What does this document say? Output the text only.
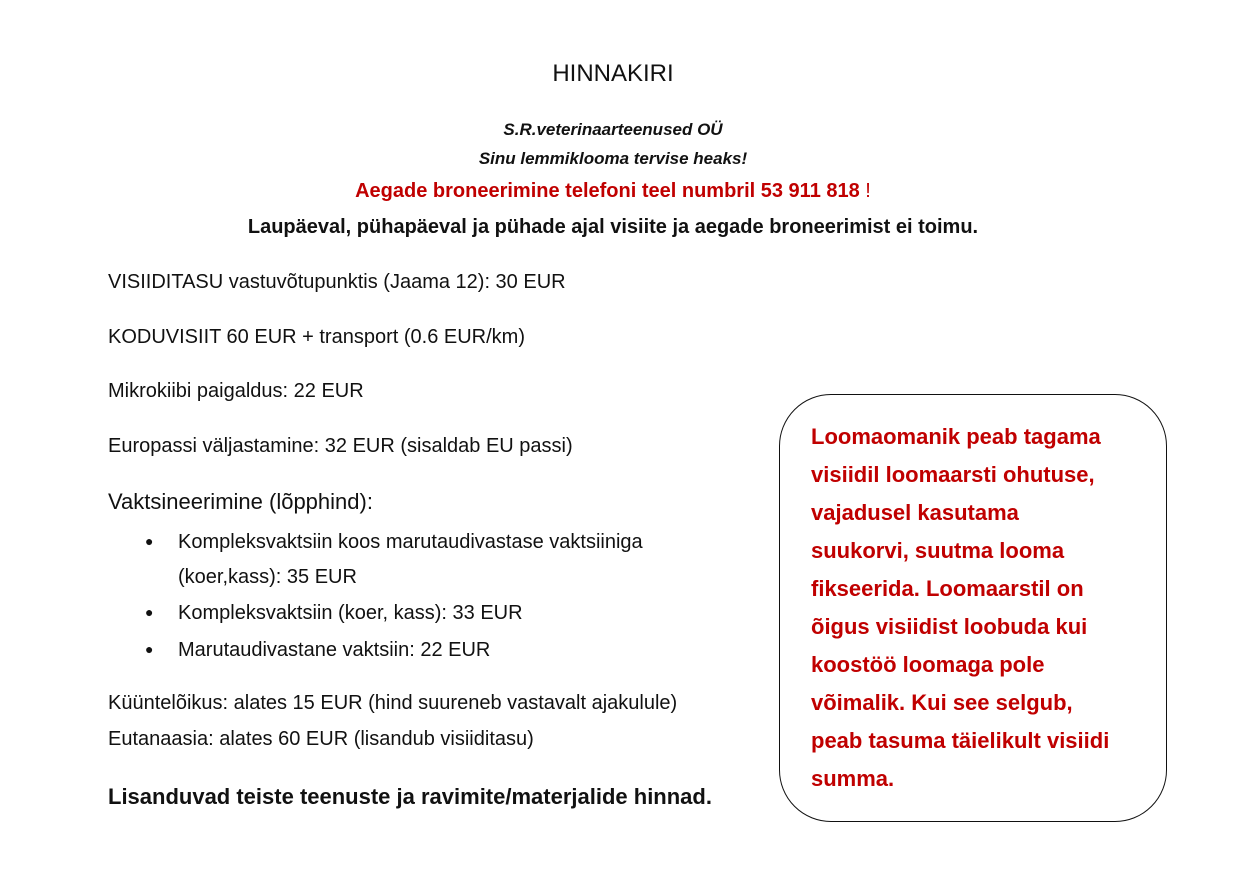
HINNAKIRI
S.R.veterinaarteenused OÜ
Sinu lemmiklooma tervise heaks!
Aegade broneerimine telefoni teel numbril 53 911 818 !
Laupäeval, pühapäeval ja pühade ajal visiite ja aegade broneerimist ei toimu.
VISIIDITASU vastuvõtupunktis (Jaama 12): 30 EUR
KODUVISIIT 60 EUR + transport (0.6 EUR/km)
Mikrokiibi paigaldus: 22 EUR
Europassi väljastamine: 32 EUR (sisaldab EU passi)
Vaktsineerimine (lõpphind):
● Kompleksvaktsiin koos marutaudivastase vaktsiiniga
(koer,kass): 35 EUR
● Kompleksvaktsiin (koer, kass): 33 EUR
● Marutaudivastane vaktsiin: 22 EUR
Küüntelõikus: alates 15 EUR (hind suureneb vastavalt ajakulule)
Eutanaasia: alates 60 EUR (lisandub visiiditasu)
Lisanduvad teiste teenuste ja ravimite/materjalide hinnad.
Loomaomanik peab tagama
visiidil loomaarsti ohutuse,
vajadusel kasutama
suukorvi, suutma looma
fikseerida. Loomaarstil on
õigus visiidist loobuda kui
koostöö loomaga pole
võimalik. Kui see selgub,
peab tasuma täielikult visiidi
summa.
